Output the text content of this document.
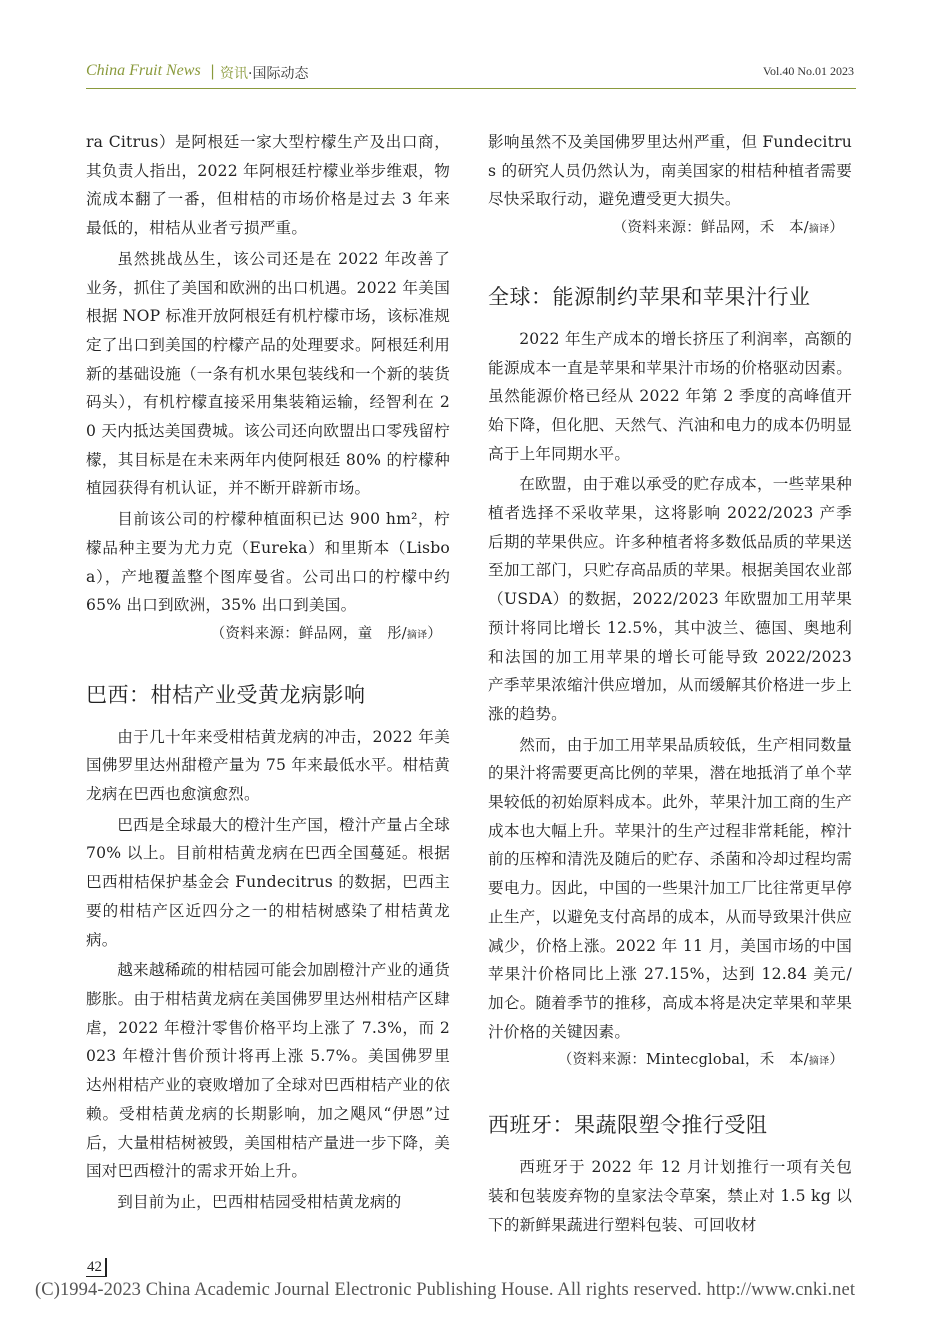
China Fruit News | 资讯·国际动态	Vol.40 No.01 2023

ra Citrus）是阿根廷一家大型柠檬生产及出口商，其负责人指出，2022 年阿根廷柠檬业举步维艰，物流成本翻了一番，但柑桔的市场价格是过去 3 年来最低的，柑桔从业者亏损严重。

虽然挑战丛生，该公司还是在 2022 年改善了业务，抓住了美国和欧洲的出口机遇。2022 年美国根据 NOP 标准开放阿根廷有机柠檬市场，该标准规定了出口到美国的柠檬产品的处理要求。阿根廷利用新的基础设施（一条有机水果包装线和一个新的装货码头），有机柠檬直接采用集装箱运输，经智利在 20 天内抵达美国费城。该公司还向欧盟出口零残留柠檬，其目标是在未来两年内使阿根廷 80% 的柠檬种植园获得有机认证，并不断开辟新市场。

目前该公司的柠檬种植面积已达 900 hm²，柠檬品种主要为尤力克（Eureka）和里斯本（Lisboa），产地覆盖整个图库曼省。公司出口的柠檬中约 65% 出口到欧洲，35% 出口到美国。

（资料来源：鲜品网，童　彤/摘译）

巴西：柑桔产业受黄龙病影响

由于几十年来受柑桔黄龙病的冲击，2022 年美国佛罗里达州甜橙产量为 75 年来最低水平。柑桔黄龙病在巴西也愈演愈烈。

巴西是全球最大的橙汁生产国，橙汁产量占全球 70% 以上。目前柑桔黄龙病在巴西全国蔓延。根据巴西柑桔保护基金会 Fundecitrus 的数据，巴西主要的柑桔产区近四分之一的柑桔树感染了柑桔黄龙病。

越来越稀疏的柑桔园可能会加剧橙汁产业的通货膨胀。由于柑桔黄龙病在美国佛罗里达州柑桔产区肆虐，2022 年橙汁零售价格平均上涨了 7.3%，而 2023 年橙汁售价预计将再上涨 5.7%。美国佛罗里达州柑桔产业的衰败增加了全球对巴西柑桔产业的依赖。受柑桔黄龙病的长期影响，加之飓风“伊恩”过后，大量柑桔树被毁，美国柑桔产量进一步下降，美国对巴西橙汁的需求开始上升。

到目前为止，巴西柑桔园受柑桔黄龙病的

影响虽然不及美国佛罗里达州严重，但 Fundecitrus 的研究人员仍然认为，南美国家的柑桔种植者需要尽快采取行动，避免遭受更大损失。

（资料来源：鲜品网，禾　本/摘译）

全球：能源制约苹果和苹果汁行业

2022 年生产成本的增长挤压了利润率，高额的能源成本一直是苹果和苹果汁市场的价格驱动因素。虽然能源价格已经从 2022 年第 2 季度的高峰值开始下降，但化肥、天然气、汽油和电力的成本仍明显高于上年同期水平。

在欧盟，由于难以承受的贮存成本，一些苹果种植者选择不采收苹果，这将影响 2022/2023 产季后期的苹果供应。许多种植者将多数低品质的苹果送至加工部门，只贮存高品质的苹果。根据美国农业部（USDA）的数据，2022/2023 年欧盟加工用苹果预计将同比增长 12.5%，其中波兰、德国、奥地利和法国的加工用苹果的增长可能导致 2022/2023 产季苹果浓缩汁供应增加，从而缓解其价格进一步上涨的趋势。

然而，由于加工用苹果品质较低，生产相同数量的果汁将需要更高比例的苹果，潜在地抵消了单个苹果较低的初始原料成本。此外，苹果汁加工商的生产成本也大幅上升。苹果汁的生产过程非常耗能，榨汁前的压榨和清洗及随后的贮存、杀菌和冷却过程均需要电力。因此，中国的一些果汁加工厂比往常更早停止生产，以避免支付高昂的成本，从而导致果汁供应减少，价格上涨。2022 年 11 月，美国市场的中国苹果汁价格同比上涨 27.15%，达到 12.84 美元/加仑。随着季节的推移，高成本将是决定苹果和苹果汁价格的关键因素。

（资料来源：Mintecglobal，禾　本/摘译）

西班牙：果蔬限塑令推行受阻

西班牙于 2022 年 12 月计划推行一项有关包装和包装废弃物的皇家法令草案，禁止对 1.5 kg 以下的新鲜果蔬进行塑料包装、可回收材

42
(C)1994-2023 China Academic Journal Electronic Publishing House. All rights reserved. http://www.cnki.net
